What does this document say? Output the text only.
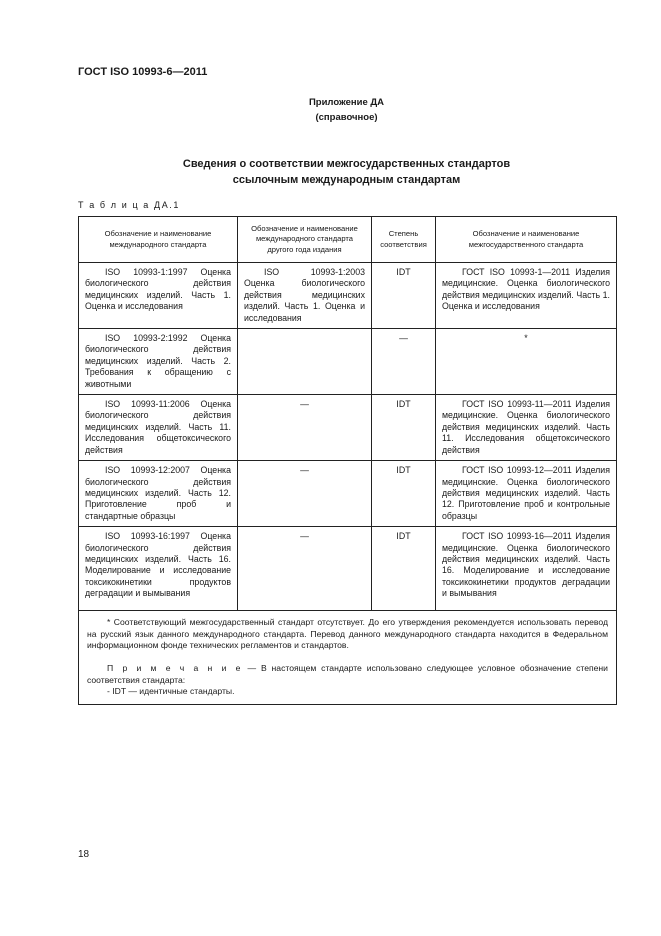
ГОСТ ISO 10993-6—2011
Приложение ДА
(справочное)
Сведения о соответствии межгосударственных стандартов
ссылочным международным стандартам
Т а б л и ц а ДА.1
Обозначение и наименование международного стандарта	Обозначение и наименование международного стандарта другого года издания	Степень соответствия	Обозначение и наименование межгосударственного стандарта

ISO 10993-1:1997 Оценка биологического действия медицинских изделий. Часть 1. Оценка и исследования	ISO 10993-1:2003 Оценка биологического действия медицинских изделий. Часть 1. Оценка и исследования	IDT	ГОСТ ISO 10993-1—2011 Изделия медицинские. Оценка биологического действия медицинских изделий. Часть 1. Оценка и исследования

ISO 10993-2:1992 Оценка биологического действия медицинских изделий. Часть 2. Требования к обращению с животными		—	*

ISO 10993-11:2006 Оценка биологического действия медицинских изделий. Часть 11. Исследования общетоксического действия	—	IDT	ГОСТ ISO 10993-11—2011 Изделия медицинские. Оценка биологического действия медицинских изделий. Часть 11. Исследования общетоксического действия

ISO 10993-12:2007 Оценка биологического действия медицинских изделий. Часть 12. Приготовление проб и стандартные образцы	—	IDT	ГОСТ ISO 10993-12—2011 Изделия медицинские. Оценка биологического действия медицинских изделий. Часть 12. Приготовление проб и контрольные образцы

ISO 10993-16:1997 Оценка биологического действия медицинских изделий. Часть 16. Моделирование и исследование токсикокинетики продуктов деградации и вымывания	—	IDT	ГОСТ ISO 10993-16—2011 Изделия медицинские. Оценка биологического действия медицинских изделий. Часть 16. Моделирование и исследование токсикокинетики продуктов деградации и вымывания

* Соответствующий межгосударственный стандарт отсутствует. До его утверждения рекомендуется использовать перевод на русский язык данного международного стандарта. Перевод данного международного стандарта находится в Федеральном информационном фонде технических регламентов и стандартов.

П р и м е ч а н и е — В настоящем стандарте использовано следующее условное обозначение степени соответствия стандарта:

- IDT — идентичные стандарты.			

18
